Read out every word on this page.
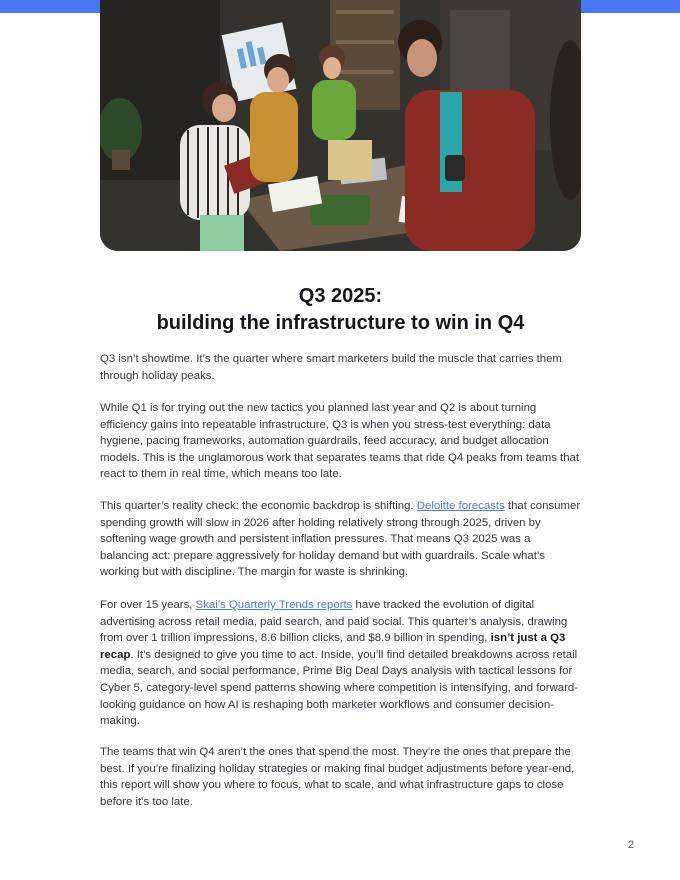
Q3 2025:
building the infrastructure to win in Q4

Q3 isn’t showtime. It’s the quarter where smart marketers build the muscle that carries them through holiday peaks.

While Q1 is for trying out the new tactics you planned last year and Q2 is about turning efficiency gains into repeatable infrastructure, Q3 is when you stress-test everything: data hygiene, pacing frameworks, automation guardrails, feed accuracy, and budget allocation models. This is the unglamorous work that separates teams that ride Q4 peaks from teams that react to them in real time, which means too late.

This quarter’s reality check: the economic backdrop is shifting. Deloitte forecasts that consumer spending growth will slow in 2026 after holding relatively strong through 2025, driven by softening wage growth and persistent inflation pressures. That means Q3 2025 was a balancing act: prepare aggressively for holiday demand but with guardrails. Scale what’s working but with discipline. The margin for waste is shrinking.

For over 15 years, Skai’s Quarterly Trends reports have tracked the evolution of digital advertising across retail media, paid search, and paid social. This quarter’s analysis, drawing from over 1 trillion impressions, 8.6 billion clicks, and $8.9 billion in spending, isn’t just a Q3 recap. It’s designed to give you time to act. Inside, you’ll find detailed breakdowns across retail media, search, and social performance, Prime Big Deal Days analysis with tactical lessons for Cyber 5, category-level spend patterns showing where competition is intensifying, and forward-looking guidance on how AI is reshaping both marketer workflows and consumer decision-making.

The teams that win Q4 aren’t the ones that spend the most. They’re the ones that prepare the best. If you’re finalizing holiday strategies or making final budget adjustments before year-end, this report will show you where to focus, what to scale, and what infrastructure gaps to close before it’s too late.

2
